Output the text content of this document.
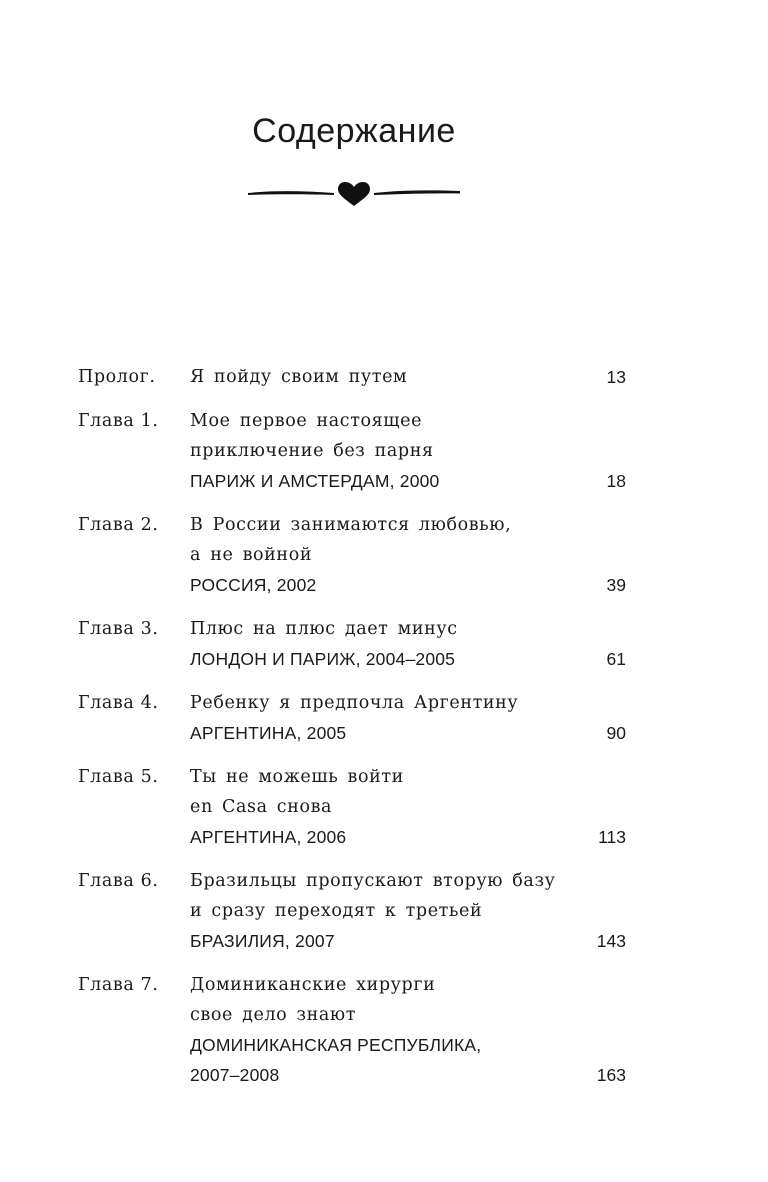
Содержание
Пролог. Я пойду своим путем	13
Глава 1. Мое первое настоящее
приключение без парня
ПАРИЖ И АМСТЕРДАМ, 2000	18
Глава 2. В России занимаются любовью,
а не войной
РОССИЯ, 2002	39
Глава 3. Плюс на плюс дает минус
ЛОНДОН И ПАРИЖ, 2004–2005	61
Глава 4. Ребенку я предпочла Аргентину
АРГЕНТИНА, 2005	90
Глава 5. Ты не можешь войти
en Casa снова
АРГЕНТИНА, 2006	113
Глава 6. Бразильцы пропускают вторую базу
и сразу переходят к третьей
БРАЗИЛИЯ, 2007	143
Глава 7. Доминиканские хирурги
свое дело знают
ДОМИНИКАНСКАЯ РЕСПУБЛИКА,
2007–2008	163
